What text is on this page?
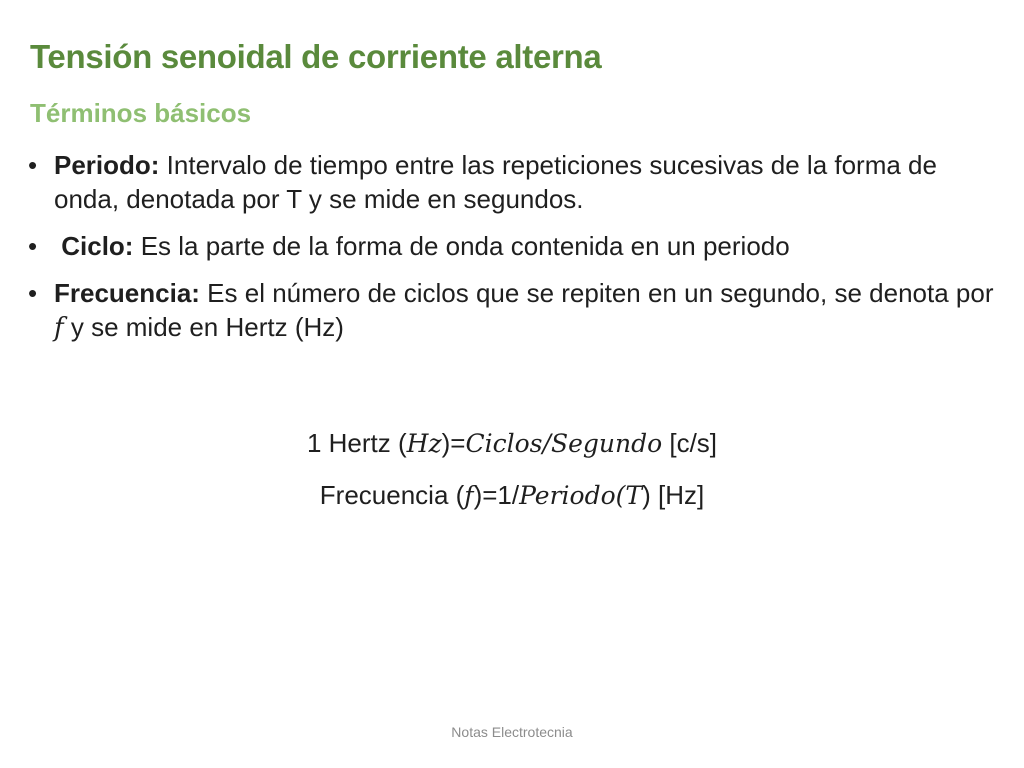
Tensión senoidal de corriente alterna
Términos básicos
• Periodo: Intervalo de tiempo entre las repeticiones sucesivas de la forma de onda, denotada por T y se mide en segundos.
• Ciclo: Es la parte de la forma de onda contenida en un periodo
• Frecuencia: Es el número de ciclos que se repiten en un segundo, se denota por f y se mide en Hertz (Hz)
1 Hertz (Hz)=Ciclos/Segundo [c/s]
Frecuencia (f)=1/Periodo(T) [Hz]
Notas Electrotecnia
